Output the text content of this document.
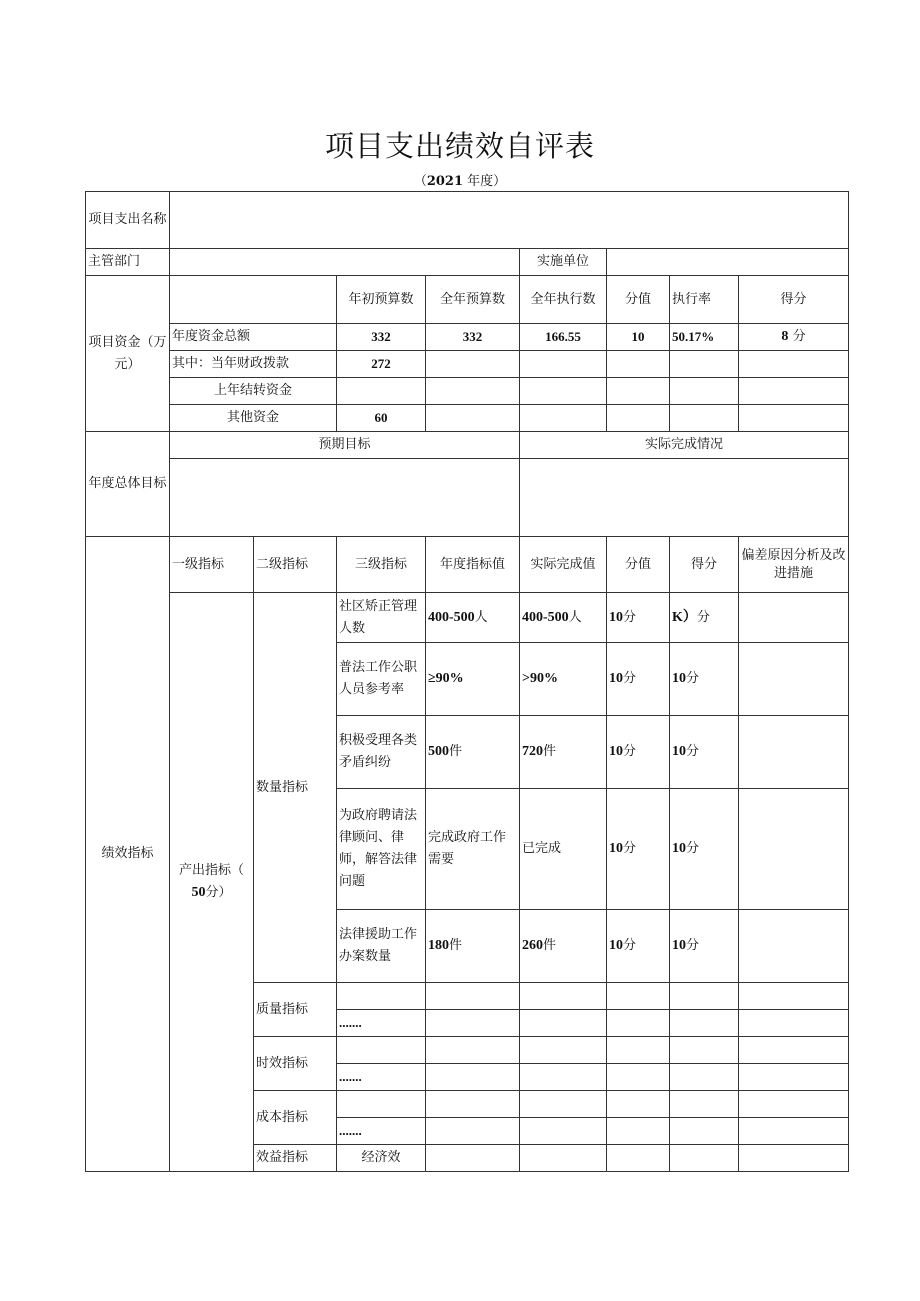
项目支出绩效自评表
（2021 年度）
项目支出名称									
主管部门					实施单位				
项目资金（万元）			年初预算数	全年预算数	全年执行数	分值	执行率	得分	
	年度资金总额		332	332	166.55	10	50.17%	8 分	
	其中：当年财政拨款		272						
	上年结转资金								
	其他资金		60						
年度总体目标	预期目标				实际完成情况				

绩效指标	一级指标	二级指标	三级指标	年度指标值	实际完成值	分值	得分	偏差原因分析及改进措施	
	产出指标（
50分）	数量指标	社区矫正管理人数	400-500人	400-500人	10分	K）分		
			普法工作公职人员参考率	≥90%	>90%	10分	10分		
			积极受理各类矛盾纠纷	500件	720件	10分	10分		
			为政府聘请法律顾问、律师，解答法律问题	完成政府工作需要	已完成	10分	10分		
			法律援助工作办案数量	180件	260件	10分	10分		
		质量指标							
			.......						
		时效指标							
			.......						
		成本指标							
			.......						
		效益指标	经济效						
